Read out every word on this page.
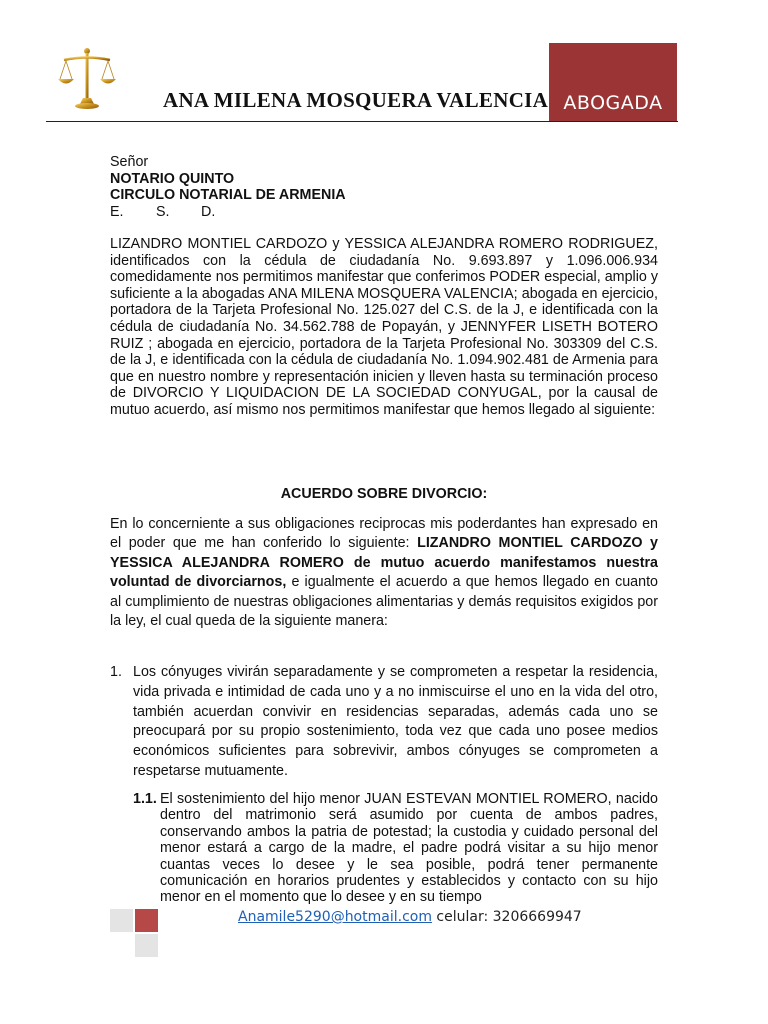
ANA MILENA MOSQUERA VALENCIA ABOGADA
Señor
NOTARIO QUINTO
CIRCULO NOTARIAL DE ARMENIA
E. S. D.
LIZANDRO MONTIEL CARDOZO y YESSICA ALEJANDRA ROMERO RODRIGUEZ, identificados con la cédula de ciudadanía No. 9.693.897 y 1.096.006.934 comedidamente nos permitimos manifestar que conferimos PODER especial, amplio y suficiente a la abogadas ANA MILENA MOSQUERA VALENCIA; abogada en ejercicio, portadora de la Tarjeta Profesional No. 125.027 del C.S. de la J, e identificada con la cédula de ciudadanía No. 34.562.788 de Popayán, y JENNYFER LISETH BOTERO RUIZ ; abogada en ejercicio, portadora de la Tarjeta Profesional No. 303309 del C.S. de la J, e identificada con la cédula de ciudadanía No. 1.094.902.481 de Armenia para que en nuestro nombre y representación inicien y lleven hasta su terminación proceso de DIVORCIO Y LIQUIDACION DE LA SOCIEDAD CONYUGAL, por la causal de mutuo acuerdo, así mismo nos permitimos manifestar que hemos llegado al siguiente:
ACUERDO SOBRE DIVORCIO:
En lo concerniente a sus obligaciones reciprocas mis poderdantes han expresado en el poder que me han conferido lo siguiente: LIZANDRO MONTIEL CARDOZO y YESSICA ALEJANDRA ROMERO de mutuo acuerdo manifestamos nuestra voluntad de divorciarnos, e igualmente el acuerdo a que hemos llegado en cuanto al cumplimiento de nuestras obligaciones alimentarias y demás requisitos exigidos por la ley, el cual queda de la siguiente manera:
1. Los cónyuges vivirán separadamente y se comprometen a respetar la residencia, vida privada e intimidad de cada uno y a no inmiscuirse el uno en la vida del otro, también acuerdan convivir en residencias separadas, además cada uno se preocupará por su propio sostenimiento, toda vez que cada uno posee medios económicos suficientes para sobrevivir, ambos cónyuges se comprometen a respetarse mutuamente.
1.1. El sostenimiento del hijo menor JUAN ESTEVAN MONTIEL ROMERO, nacido dentro del matrimonio será asumido por cuenta de ambos padres, conservando ambos la patria de potestad; la custodia y cuidado personal del menor estará a cargo de la madre, el padre podrá visitar a su hijo menor cuantas veces lo desee y le sea posible, podrá tener permanente comunicación en horarios prudentes y establecidos y contacto con su hijo menor en el momento que lo desee y en su tiempo
Anamile5290@hotmail.com celular: 3206669947
